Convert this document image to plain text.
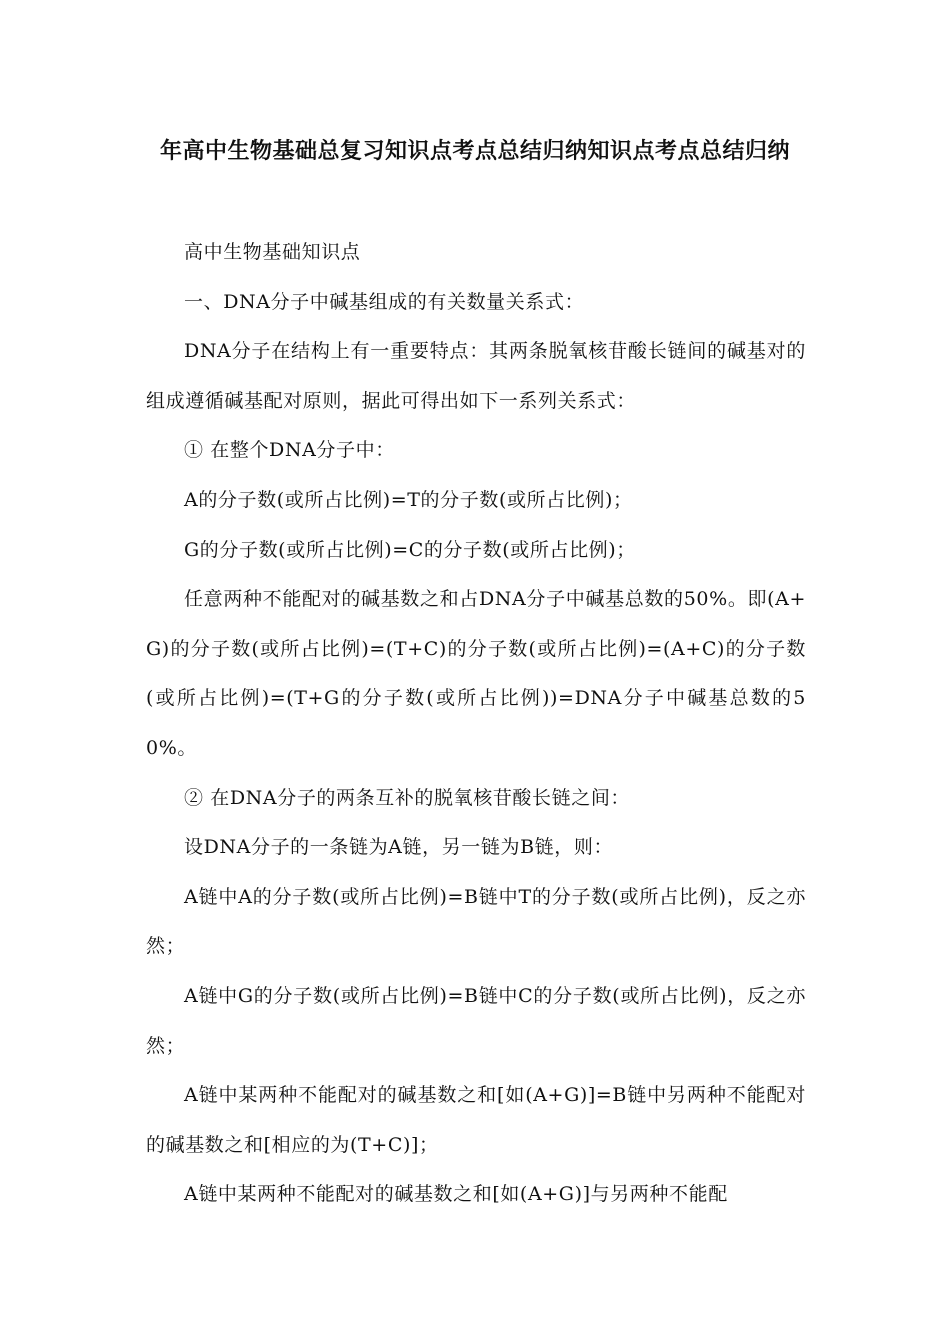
年高中生物基础总复习知识点考点总结归纳知识点考点总结归纳

高中生物基础知识点

一、DNA分子中碱基组成的有关数量关系式：

DNA分子在结构上有一重要特点：其两条脱氧核苷酸长链间的碱基对的组成遵循碱基配对原则，据此可得出如下一系列关系式：

① 在整个DNA分子中：

A的分子数(或所占比例)=T的分子数(或所占比例)；

G的分子数(或所占比例)=C的分子数(或所占比例)；

任意两种不能配对的碱基数之和占DNA分子中碱基总数的50%。即(A+G)的分子数(或所占比例)=(T+C)的分子数(或所占比例)=(A+C)的分子数(或所占比例)=(T+G的分子数(或所占比例))=DNA分子中碱基总数的50%。

② 在DNA分子的两条互补的脱氧核苷酸长链之间：

设DNA分子的一条链为A链，另一链为B链，则：

A链中A的分子数(或所占比例)=B链中T的分子数(或所占比例)，反之亦然；

A链中G的分子数(或所占比例)=B链中C的分子数(或所占比例)，反之亦然；

A链中某两种不能配对的碱基数之和[如(A+G)]=B链中另两种不能配对的碱基数之和[相应的为(T+C)]；

A链中某两种不能配对的碱基数之和[如(A+G)]与另两种不能配
